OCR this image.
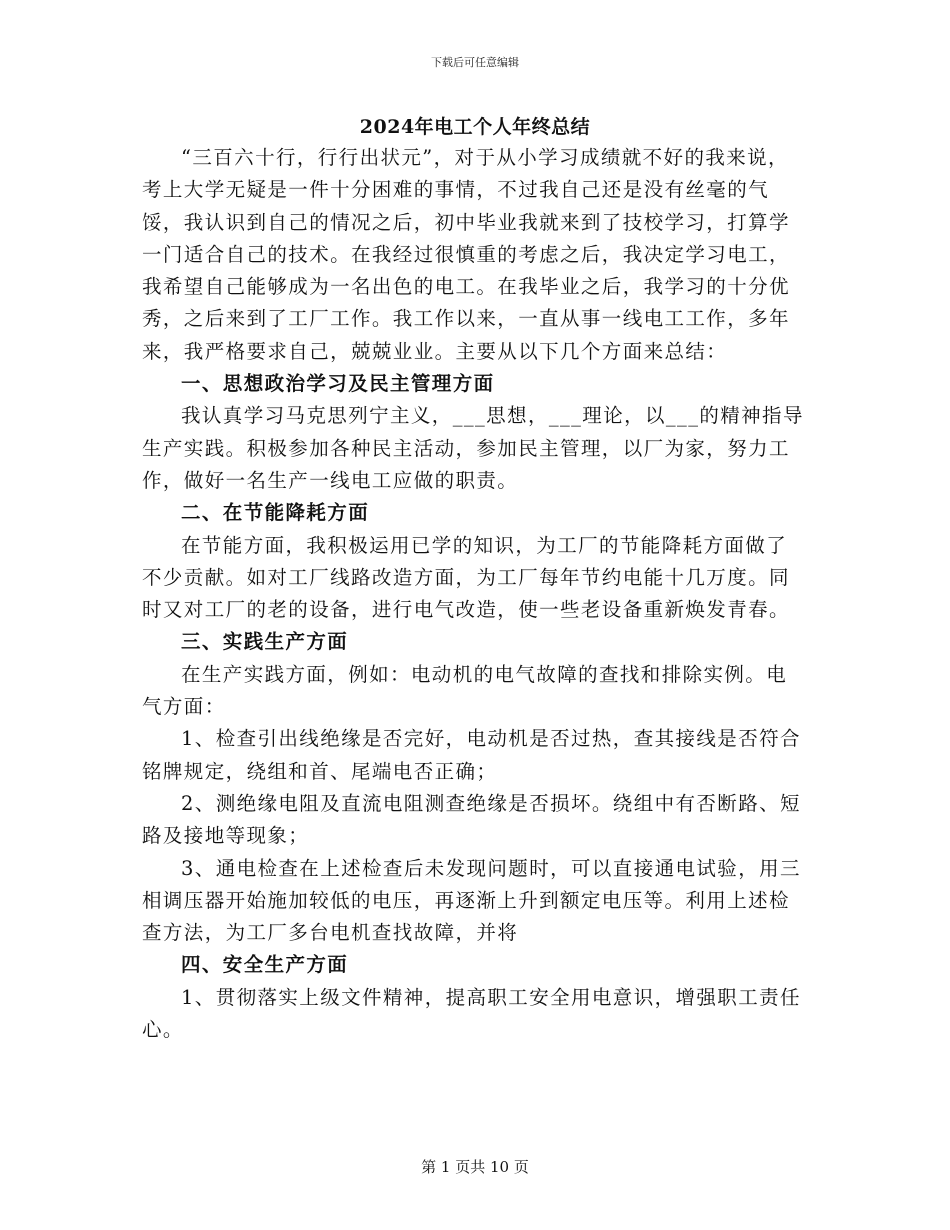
下载后可任意编辑
2024年电工个人年终总结

“三百六十行，行行出状元”，对于从小学习成绩就不好的我来说，考上大学无疑是一件十分困难的事情，不过我自己还是没有丝毫的气馁，我认识到自己的情况之后，初中毕业我就来到了技校学习，打算学一门适合自己的技术。在我经过很慎重的考虑之后，我决定学习电工，我希望自己能够成为一名出色的电工。在我毕业之后，我学习的十分优秀，之后来到了工厂工作。我工作以来，一直从事一线电工工作，多年来，我严格要求自己，兢兢业业。主要从以下几个方面来总结：

一、思想政治学习及民主管理方面

我认真学习马克思列宁主义，___思想，___理论，以___的精神指导生产实践。积极参加各种民主活动，参加民主管理，以厂为家，努力工作，做好一名生产一线电工应做的职责。

二、在节能降耗方面

在节能方面，我积极运用已学的知识，为工厂的节能降耗方面做了不少贡献。如对工厂线路改造方面，为工厂每年节约电能十几万度。同时又对工厂的老的设备，进行电气改造，使一些老设备重新焕发青春。

三、实践生产方面

在生产实践方面，例如：电动机的电气故障的查找和排除实例。电气方面：

1、检查引出线绝缘是否完好，电动机是否过热，查其接线是否符合铭牌规定，绕组和首、尾端电否正确；

2、测绝缘电阻及直流电阻测查绝缘是否损坏。绕组中有否断路、短路及接地等现象；

3、通电检查在上述检查后未发现问题时，可以直接通电试验，用三相调压器开始施加较低的电压，再逐渐上升到额定电压等。利用上述检查方法，为工厂多台电机查找故障，并将

四、安全生产方面

1、贯彻落实上级文件精神，提高职工安全用电意识，增强职工责任心。

第 1 页共 10 页
